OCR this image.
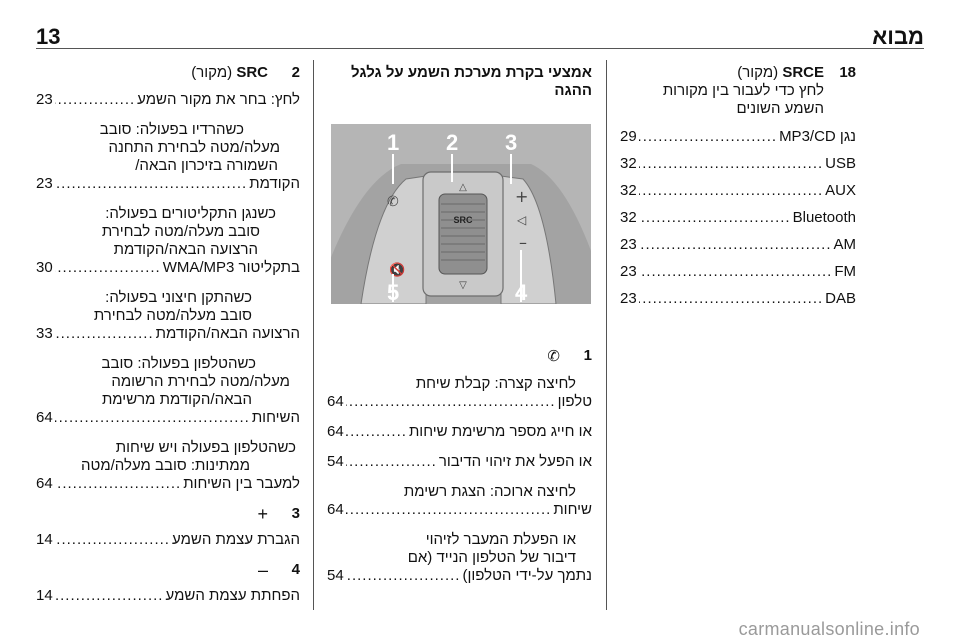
13	מבוא
18
SRCE (מקור)
לחץ כדי לעבור בין מקורות
השמע השונים
נגן MP3/CD
.....
29
USB
.....
32
AUX
.....
32
Bluetooth
.....
32
AM
.....
23
FM
.....
23
DAB
.....
23
אמצעי בקרת מערכת השמע על גלגל
ההגה
SRC
△
▽
✆
🔇
+
◁
–
1 2 3
4
5
1
✆
לחיצה קצרה: קבלת שיחת
טלפון
.....
64
או חייג מספר מרשימת שיחות
.....
64
או הפעל את זיהוי הדיבור
.....
54
לחיצה ארוכה: הצגת רשימת
שיחות
.....
64
או הפעלת המעבר לזיהוי
דיבור של הטלפון הנייד (אם
נתמך על-ידי הטלפון)
.....
54
2
SRC (מקור)
לחץ: בחר את מקור השמע
.....
23
כשהרדיו בפעולה: סובב
מעלה/מטה לבחירת התחנה
השמורה בזיכרון הבאה/
הקודמת
.....
23
כשנגן התקליטורים בפעולה:
סובב מעלה/מטה לבחירת
הרצועה הבאה/הקודמת
בתקליטור WMA/MP3
.....
30
כשהתקן חיצוני בפעולה:
סובב מעלה/מטה לבחירת
הרצועה הבאה/הקודמת
.....
33
כשהטלפון בפעולה: סובב
מעלה/מטה לבחירת הרשומה
הבאה/הקודמת מרשימת
השיחות
.....
64
כשהטלפון בפעולה ויש שיחות
ממתינות: סובב מעלה/מטה
למעבר בין השיחות
.....
64
3
+
הגברת עצמת השמע
.....
14
4
–
הפחתת עצמת השמע
.....
14
carmanualsonline.info
